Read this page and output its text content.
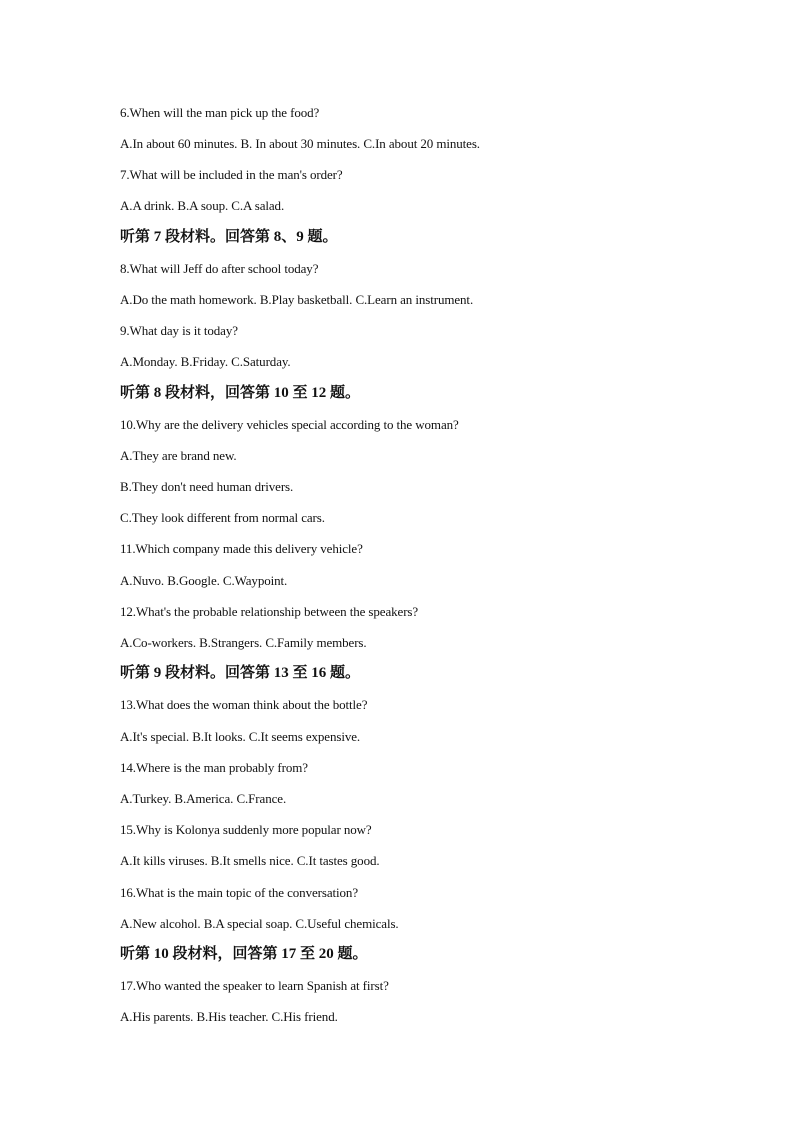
6.When will the man pick up the food?
A.In about 60 minutes. B. In about 30 minutes. C.In about 20 minutes.
7.What will be included in the man's order?
A.A drink. B.A soup. C.A salad.
听第 7 段材料。回答第 8、9 题。
8.What will Jeff do after school today?
A.Do the math homework. B.Play basketball. C.Learn an instrument.
9.What day is it today?
A.Monday. B.Friday. C.Saturday.
听第 8 段材料，回答第 10 至 12 题。
10.Why are the delivery vehicles special according to the woman?
A.They are brand new.
B.They don't need human drivers.
C.They look different from normal cars.
11.Which company made this delivery vehicle?
A.Nuvo. B.Google. C.Waypoint.
12.What's the probable relationship between the speakers?
A.Co-workers. B.Strangers. C.Family members.
听第 9 段材料。回答第 13 至 16 题。
13.What does the woman think about the bottle?
A.It's special. B.It looks. C.It seems expensive.
14.Where is the man probably from?
A.Turkey. B.America. C.France.
15.Why is Kolonya suddenly more popular now?
A.It kills viruses. B.It smells nice. C.It tastes good.
16.What is the main topic of the conversation?
A.New alcohol. B.A special soap. C.Useful chemicals.
听第 10 段材料，回答第 17 至 20 题。
17.Who wanted the speaker to learn Spanish at first?
A.His parents. B.His teacher. C.His friend.
